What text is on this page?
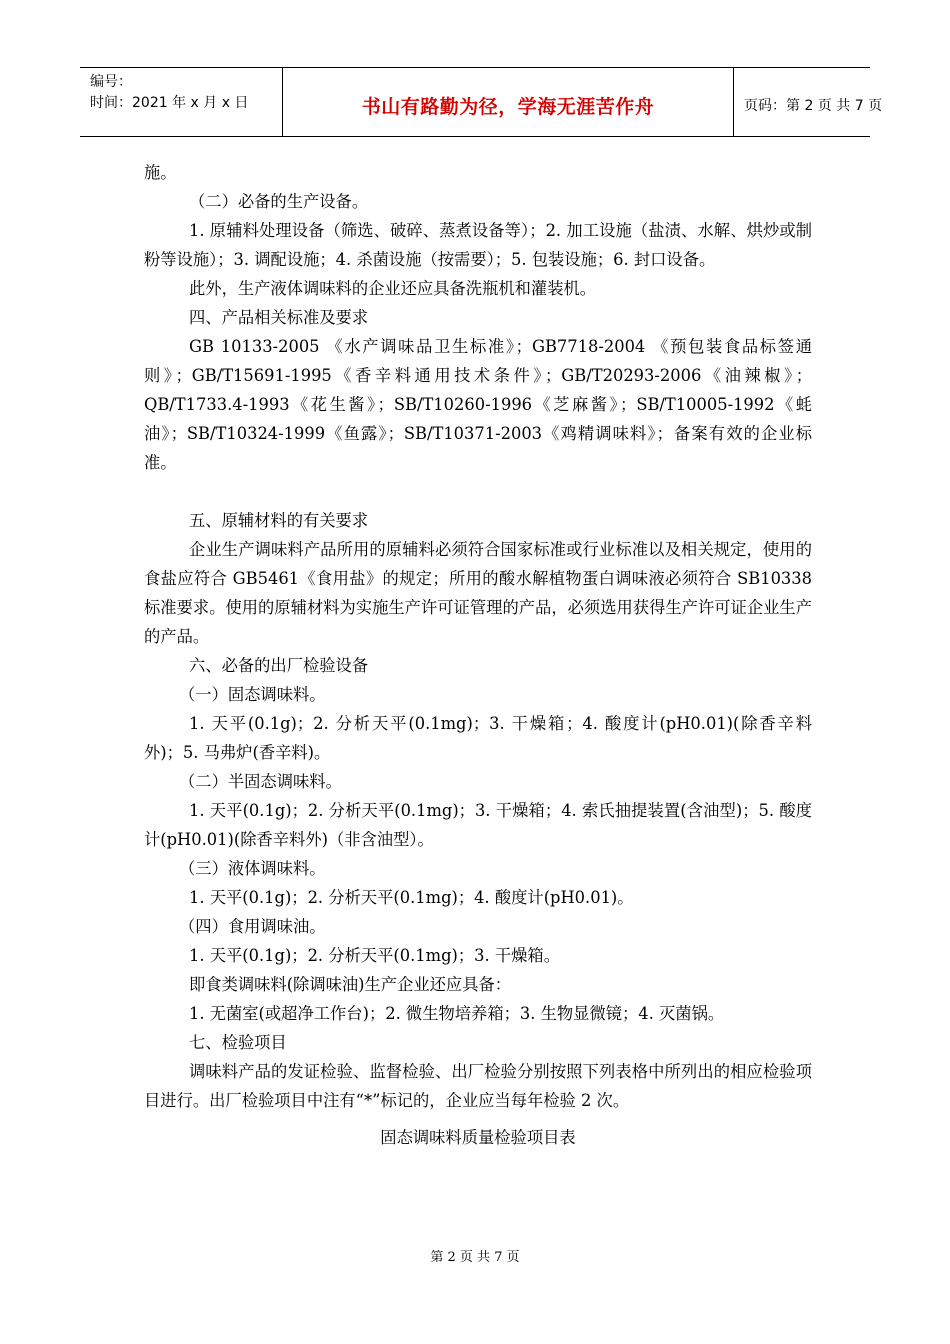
编号：
时间：2021 年 x 月 x 日	书山有路勤为径，学海无涯苦作舟	页码：第 2 页 共 7 页

施。

（二）必备的生产设备。

1. 原辅料处理设备（筛选、破碎、蒸煮设备等）；2. 加工设施（盐渍、水解、烘炒或制粉等设施）；3. 调配设施；4. 杀菌设施（按需要）；5. 包装设施；6. 封口设备。

此外，生产液体调味料的企业还应具备洗瓶机和灌装机。

四、产品相关标准及要求

GB 10133-2005 《水产调味品卫生标准》；GB7718-2004 《预包装食品标签通则》；GB/T15691-1995《香辛料通用技术条件》；GB/T20293-2006《油辣椒》；QB/T1733.4-1993《花生酱》；SB/T10260-1996《芝麻酱》；SB/T10005-1992《蚝油》；SB/T10324-1999《鱼露》；SB/T10371-2003《鸡精调味料》；备案有效的企业标准。

五、原辅材料的有关要求

企业生产调味料产品所用的原辅料必须符合国家标准或行业标准以及相关规定，使用的食盐应符合 GB5461《食用盐》的规定；所用的酸水解植物蛋白调味液必须符合 SB10338 标准要求。使用的原辅材料为实施生产许可证管理的产品，必须选用获得生产许可证企业生产的产品。

六、必备的出厂检验设备

（一）固态调味料。

1. 天平(0.1g)；2. 分析天平(0.1mg)；3. 干燥箱；4. 酸度计(pH0.01)(除香辛料外)；5. 马弗炉(香辛料)。

（二）半固态调味料。

1. 天平(0.1g)；2. 分析天平(0.1mg)；3. 干燥箱；4. 索氏抽提装置(含油型)；5. 酸度计(pH0.01)(除香辛料外)（非含油型）。

（三）液体调味料。

1. 天平(0.1g)；2. 分析天平(0.1mg)；4. 酸度计(pH0.01)。

（四）食用调味油。

1. 天平(0.1g)；2. 分析天平(0.1mg)；3. 干燥箱。

即食类调味料(除调味油)生产企业还应具备：

1. 无菌室(或超净工作台)；2. 微生物培养箱；3. 生物显微镜；4. 灭菌锅。

七、检验项目

调味料产品的发证检验、监督检验、出厂检验分别按照下列表格中所列出的相应检验项目进行。出厂检验项目中注有“*”标记的，企业应当每年检验 2 次。

固态调味料质量检验项目表

第 2 页 共 7 页
